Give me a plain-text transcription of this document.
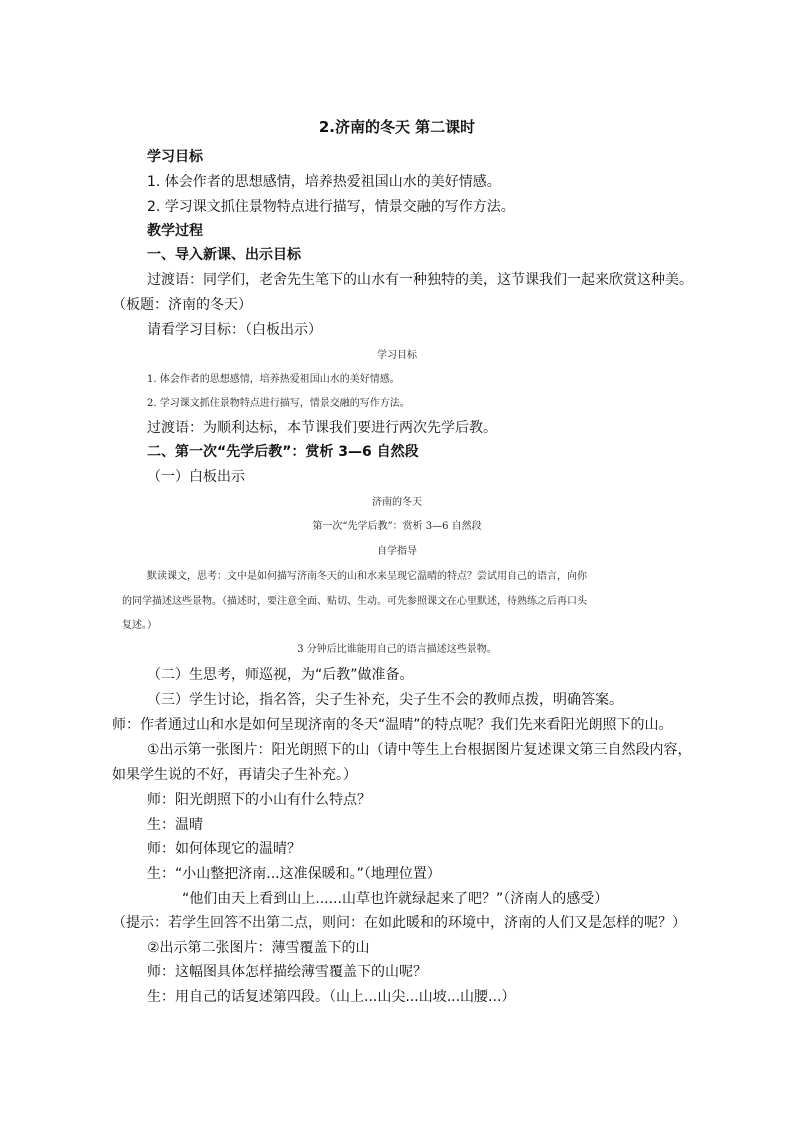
2.济南的冬天 第二课时
学习目标
1. 体会作者的思想感情，培养热爱祖国山水的美好情感。
2. 学习课文抓住景物特点进行描写，情景交融的写作方法。
教学过程
一、导入新课、出示目标
过渡语：同学们，老舍先生笔下的山水有一种独特的美，这节课我们一起来欣赏这种美。
（板题：济南的冬天）
请看学习目标：（白板出示）
学习目标
1. 体会作者的思想感情，培养热爱祖国山水的美好情感。
2. 学习课文抓住景物特点进行描写，情景交融的写作方法。
过渡语：为顺利达标，本节课我们要进行两次先学后教。
二、第一次“先学后教”：赏析 3—6 自然段
（一）白板出示
济南的冬天
第一次“先学后教”：赏析 3—6 自然段
自学指导
默读课文，思考：文中是如何描写济南冬天的山和水来呈现它温晴的特点？尝试用自己的语言，向你
的同学描述这些景物。（描述时，要注意全面、贴切、生动。可先参照课文在心里默述，待熟练之后再口头
复述。）
3 分钟后比谁能用自己的语言描述这些景物。
（二）生思考，师巡视，为“后教”做准备。
（三）学生讨论，指名答，尖子生补充，尖子生不会的教师点拨，明确答案。
师：作者通过山和水是如何呈现济南的冬天“温晴”的特点呢？我们先来看阳光朗照下的山。
①出示第一张图片：阳光朗照下的山（请中等生上台根据图片复述课文第三自然段内容，
如果学生说的不好，再请尖子生补充。）
师：阳光朗照下的小山有什么特点？
生：温晴
师：如何体现它的温晴？
生：“小山整把济南...这准保暖和。”（地理位置）
“他们由天上看到山上......山草也许就绿起来了吧？”（济南人的感受）
（提示：若学生回答不出第二点，则问：在如此暖和的环境中，济南的人们又是怎样的呢？）
②出示第二张图片：薄雪覆盖下的山
师：这幅图具体怎样描绘薄雪覆盖下的山呢？
生：用自己的话复述第四段。（山上...山尖...山坡...山腰...）
